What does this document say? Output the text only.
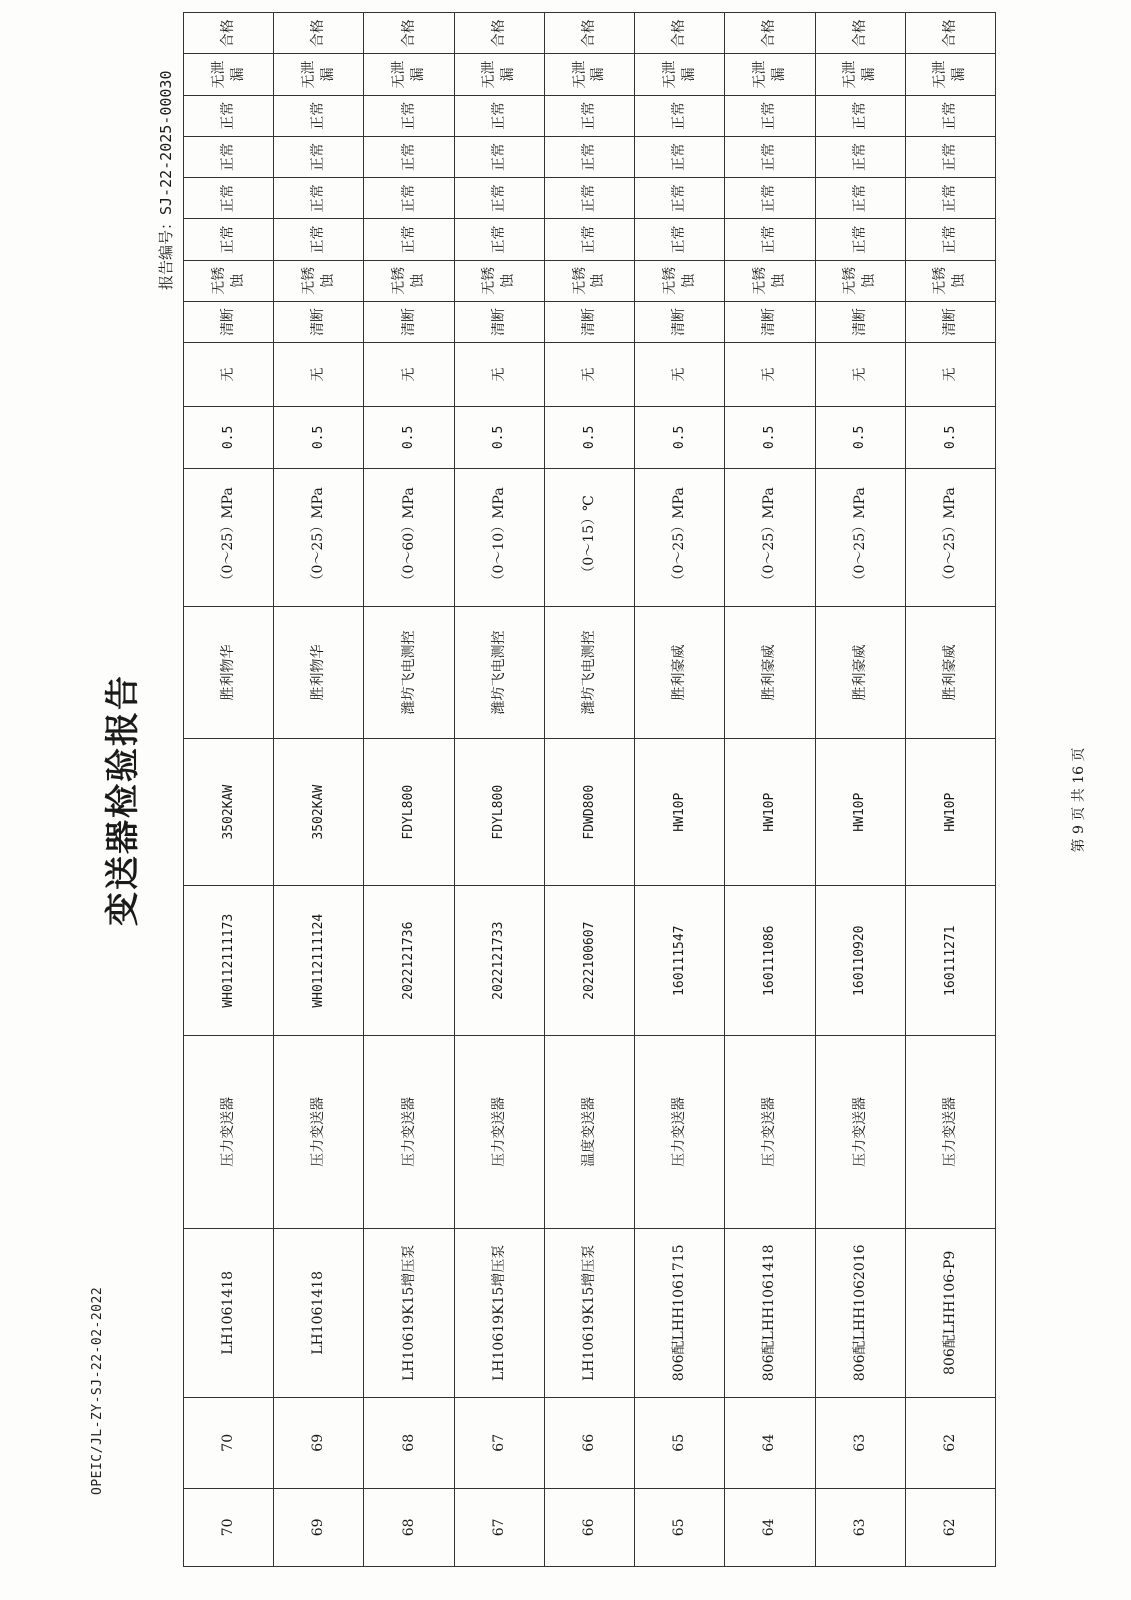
OPEIC/JL-ZY-SJ-22-02-2022
变送器检验报告
报告编号：SJ-22-2025-00030
70	70	LH1061418	压力变送器	WH0112111173	3502KAW	胜利物华	（0～25）MPa	0.5	无	清断	无锈蚀	正常	正常	正常	正常	无泄漏	合格
69	69	LH1061418	压力变送器	WH0112111124	3502KAW	胜利物华	（0～25）MPa	0.5	无	清断	无锈蚀	正常	正常	正常	正常	无泄漏	合格
68	68	LH10619K15增压泵	压力变送器	2022121736	FDYL800	潍坊飞电测控	（0～60）MPa	0.5	无	清断	无锈蚀	正常	正常	正常	正常	无泄漏	合格
67	67	LH10619K15增压泵	压力变送器	2022121733	FDYL800	潍坊飞电测控	（0～10）MPa	0.5	无	清断	无锈蚀	正常	正常	正常	正常	无泄漏	合格
66	66	LH10619K15增压泵	温度变送器	2022100607	FDWD800	潍坊飞电测控	（0～15）℃	0.5	无	清断	无锈蚀	正常	正常	正常	正常	无泄漏	合格
65	65	806配LHH1061715	压力变送器	160111547	HW10P	胜利豪威	（0～25）MPa	0.5	无	清断	无锈蚀	正常	正常	正常	正常	无泄漏	合格
64	64	806配LHH1061418	压力变送器	160111086	HW10P	胜利豪威	（0～25）MPa	0.5	无	清断	无锈蚀	正常	正常	正常	正常	无泄漏	合格
63	63	806配LHH1062016	压力变送器	160110920	HW10P	胜利豪威	（0～25）MPa	0.5	无	清断	无锈蚀	正常	正常	正常	正常	无泄漏	合格
62	62	806配LHH106-P9	压力变送器	160111271	HW10P	胜利豪威	（0～25）MPa	0.5	无	清断	无锈蚀	正常	正常	正常	正常	无泄漏	合格
第 9 页 共 16 页
